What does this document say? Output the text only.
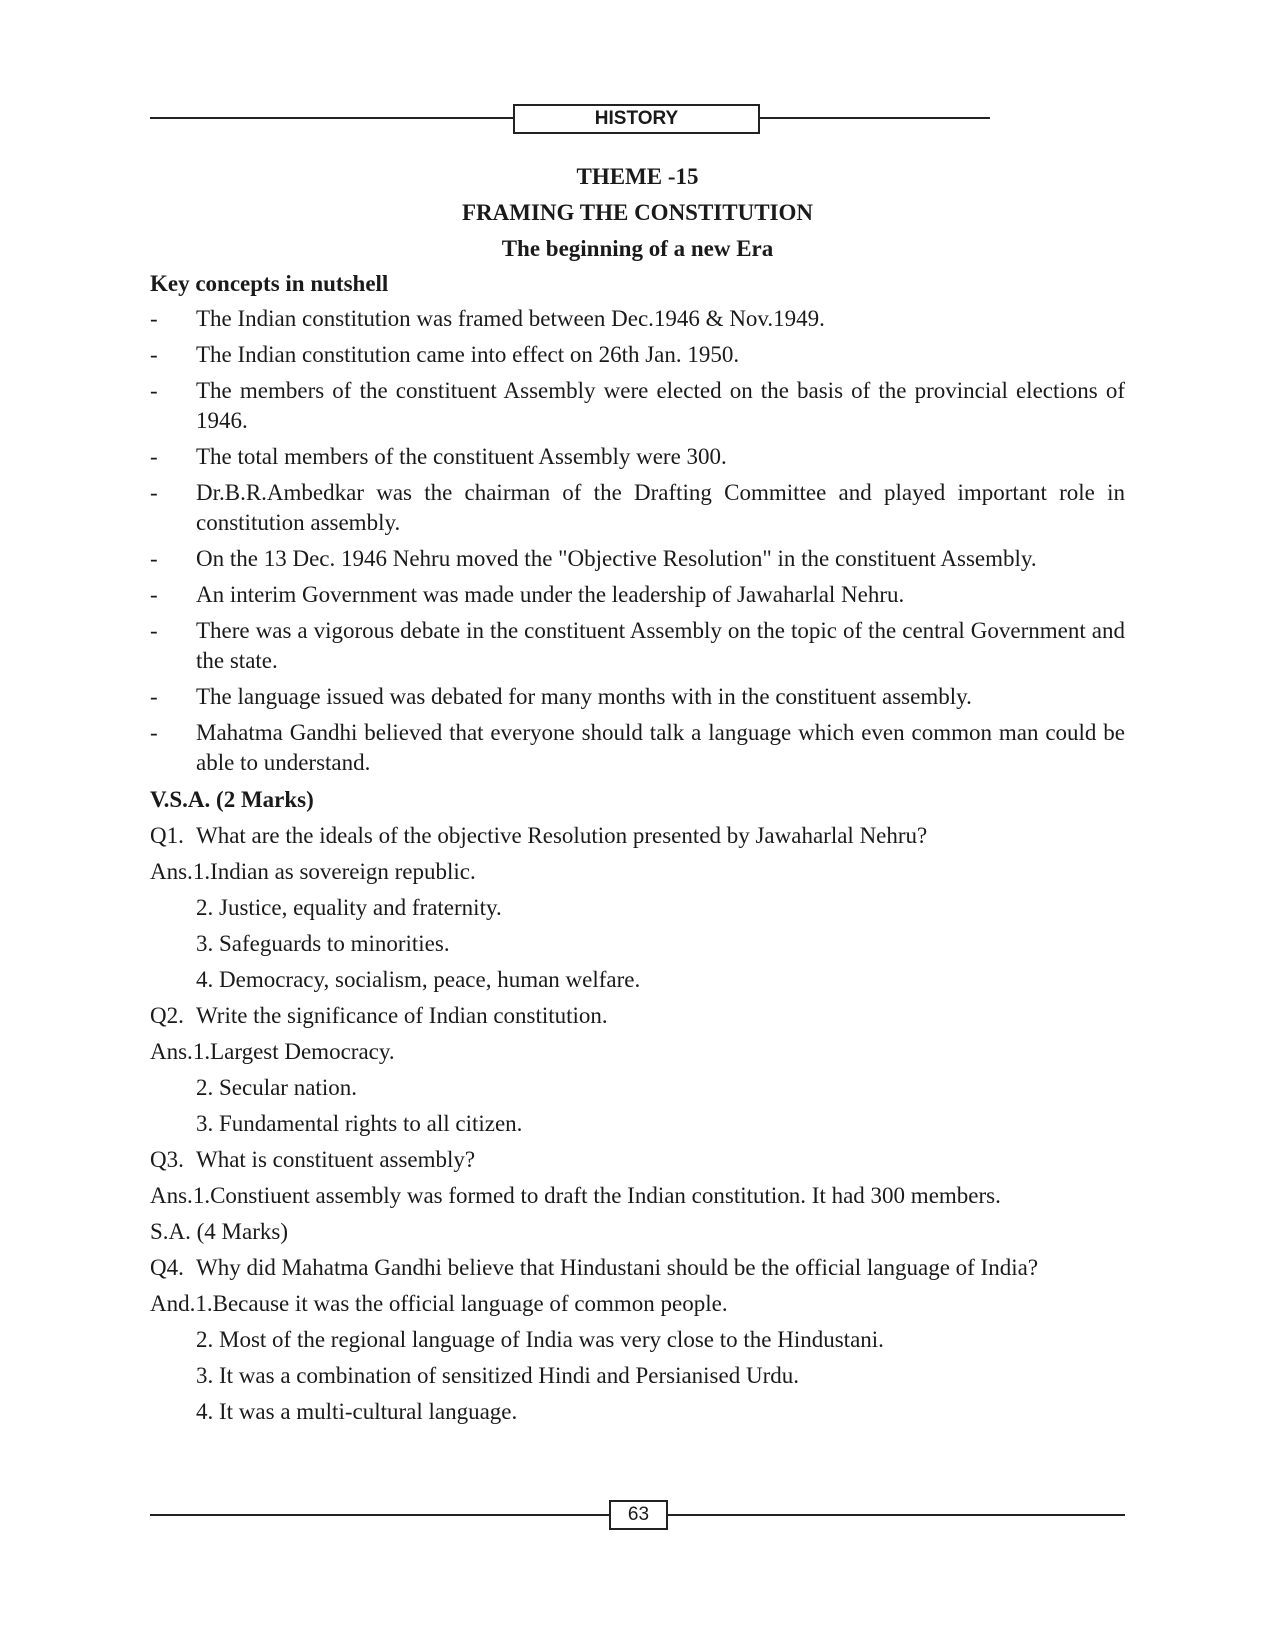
HISTORY
THEME -15
FRAMING THE CONSTITUTION
The beginning of a new Era
Key concepts in nutshell
-	The Indian constitution was framed between Dec.1946 & Nov.1949.
-	The Indian constitution came into effect on 26th Jan. 1950.
-	The members of the constituent Assembly were elected on the basis of the provincial elections of 1946.
-	The total members of the constituent Assembly were 300.
-	Dr.B.R.Ambedkar was the chairman of the Drafting Committee and played important role in constitution assembly.
-	On the 13 Dec. 1946 Nehru moved the "Objective Resolution" in the constituent Assembly.
-	An interim Government was made under the leadership of Jawaharlal Nehru.
-	There was a vigorous debate in the constituent Assembly on the topic of the central Government and the state.
-	The language issued was debated for many months with in the constituent assembly.
-	Mahatma Gandhi believed that everyone should talk a language which even common man could be able to understand.
V.S.A. (2 Marks)
Q1. What are the ideals of the objective Resolution presented by Jawaharlal Nehru?
Ans. 1.Indian as sovereign republic.
2. Justice, equality and fraternity.
3. Safeguards to minorities.
4. Democracy, socialism, peace, human welfare.
Q2. Write the significance of Indian constitution.
Ans. 1.Largest Democracy.
2. Secular nation.
3. Fundamental rights to all citizen.
Q3. What is constituent assembly?
Ans. 1.Constiuent assembly was formed to draft the Indian constitution. It had 300 members.
S.A. (4 Marks)
Q4. Why did Mahatma Gandhi believe that Hindustani should be the official language of India?
And. 1.Because it was the official language of common people.
2. Most of the regional language of India was very close to the Hindustani.
3. It was a combination of sensitized Hindi and Persianised Urdu.
4. It was a multi-cultural language.
63
